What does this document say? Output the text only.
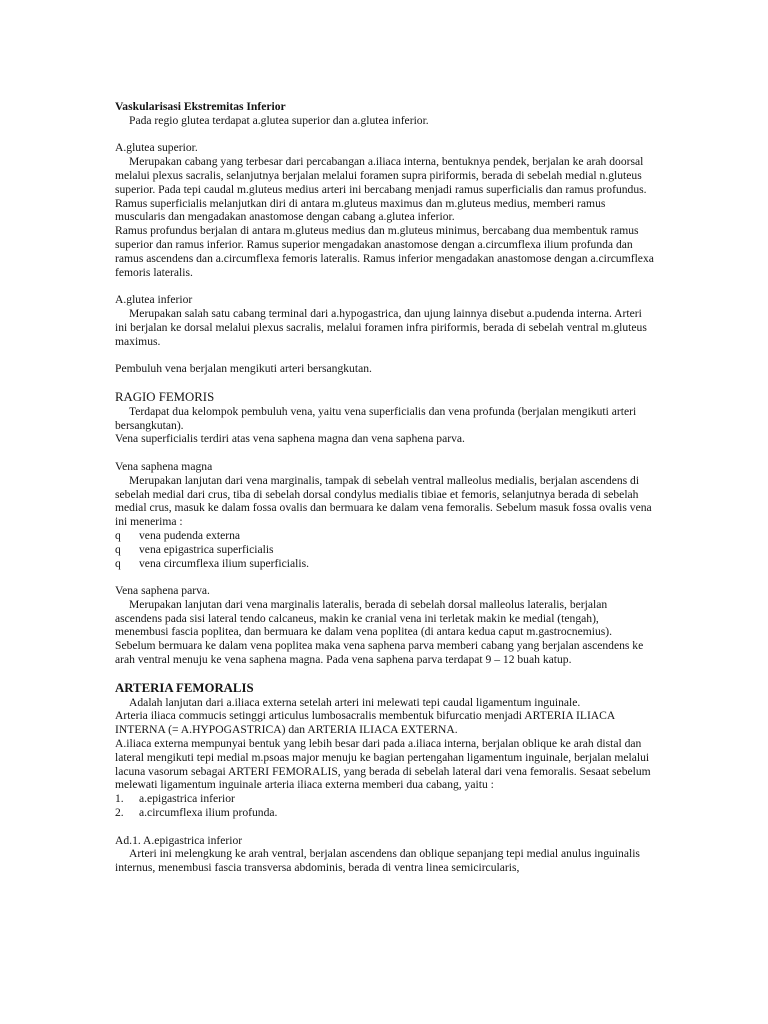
Vaskularisasi Ekstremitas Inferior

Pada regio glutea terdapat a.glutea superior dan a.glutea inferior.

A.glutea superior.

Merupakan cabang yang terbesar dari percabangan a.iliaca interna, bentuknya pendek, berjalan ke arah doorsal melalui plexus sacralis, selanjutnya berjalan melalui foramen supra piriformis, berada di sebelah medial n.gluteus superior. Pada tepi caudal m.gluteus medius arteri ini bercabang menjadi ramus superficialis dan ramus profundus.

Ramus superficialis melanjutkan diri di antara m.gluteus maximus dan m.gluteus medius, memberi ramus muscularis dan mengadakan anastomose dengan cabang a.glutea inferior.

Ramus profundus berjalan di antara m.gluteus medius dan m.gluteus minimus, bercabang dua membentuk ramus superior dan ramus inferior. Ramus superior mengadakan anastomose dengan a.circumflexa ilium profunda dan ramus ascendens dan a.circumflexa femoris lateralis. Ramus inferior mengadakan anastomose dengan a.circumflexa femoris lateralis.

A.glutea inferior

Merupakan salah satu cabang terminal dari a.hypogastrica, dan ujung lainnya disebut a.pudenda interna. Arteri ini berjalan ke dorsal melalui plexus sacralis, melalui foramen infra piriformis, berada di sebelah ventral m.gluteus maximus.

Pembuluh vena berjalan mengikuti arteri bersangkutan.

RAGIO FEMORIS

Terdapat dua kelompok pembuluh vena, yaitu vena superficialis dan vena profunda (berjalan mengikuti arteri bersangkutan).

Vena superficialis terdiri atas vena saphena magna dan vena saphena parva.

Vena saphena magna

Merupakan lanjutan dari vena marginalis, tampak di sebelah ventral malleolus medialis, berjalan ascendens di sebelah medial dari crus, tiba di sebelah dorsal condylus medialis tibiae et femoris, selanjutnya berada di sebelah medial crus, masuk ke dalam fossa ovalis dan bermuara ke dalam vena femoralis. Sebelum masuk fossa ovalis vena ini menerima :

q	vena pudenda externa
q	vena epigastrica superficialis
q	vena circumflexa ilium superficialis.

Vena saphena parva.

Merupakan lanjutan dari vena marginalis lateralis, berada di sebelah dorsal malleolus lateralis, berjalan ascendens pada sisi lateral tendo calcaneus, makin ke cranial vena ini terletak makin ke medial (tengah), menembusi fascia poplitea, dan bermuara ke dalam vena poplitea (di antara kedua caput m.gastrocnemius). Sebelum bermuara ke dalam vena poplitea maka vena saphena parva memberi cabang yang berjalan ascendens ke arah ventral menuju ke vena saphena magna. Pada vena saphena parva terdapat 9 – 12 buah katup.

ARTERIA FEMORALIS

Adalah lanjutan dari a.iliaca externa setelah arteri ini melewati tepi caudal ligamentum inguinale.

Arteria iliaca commucis setinggi articulus lumbosacralis membentuk bifurcatio menjadi ARTERIA ILIACA INTERNA (= A.HYPOGASTRICA) dan ARTERIA ILIACA EXTERNA.

A.iliaca externa mempunyai bentuk yang lebih besar dari pada a.iliaca interna, berjalan oblique ke arah distal dan lateral mengikuti tepi medial m.psoas major menuju ke bagian pertengahan ligamentum inguinale, berjalan melalui lacuna vasorum sebagai ARTERI FEMORALIS, yang berada di sebelah lateral dari vena femoralis. Sesaat sebelum melewati ligamentum inguinale arteria iliaca externa memberi dua cabang, yaitu :

1.	a.epigastrica inferior
2.	a.circumflexa ilium profunda.

Ad.1. A.epigastrica inferior

Arteri ini melengkung ke arah ventral, berjalan ascendens dan oblique sepanjang tepi medial anulus inguinalis internus, menembusi fascia transversa abdominis, berada di ventra linea semicircularis,
